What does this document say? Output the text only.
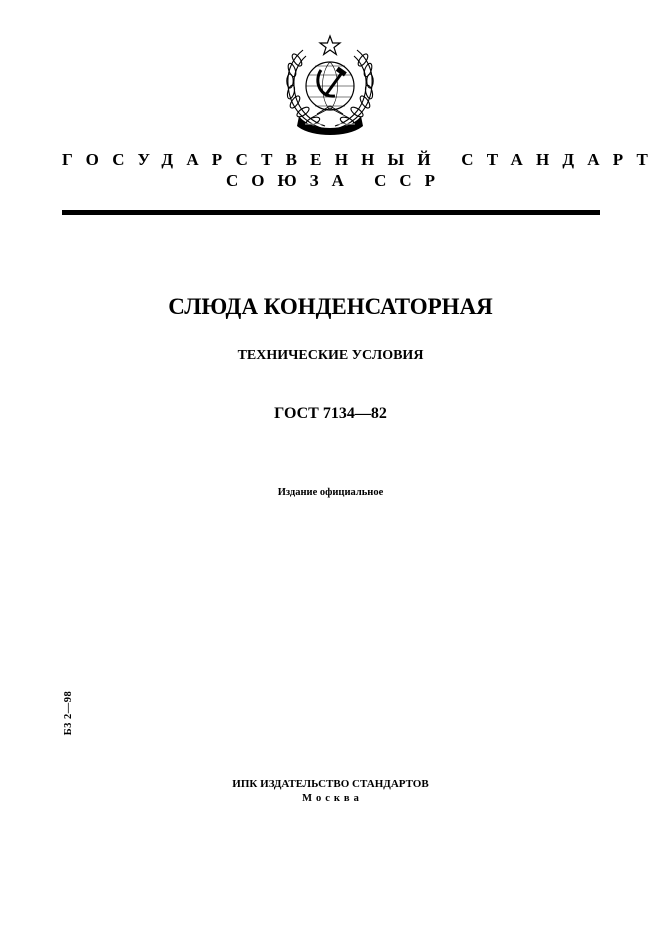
ГОСУДАРСТВЕННЫЙ СТАНДАРТ
СОЮЗА ССР
СЛЮДА КОНДЕНСАТОРНАЯ
ТЕХНИЧЕСКИЕ УСЛОВИЯ
ГОСТ 7134—82
Издание официальное
Б3 2—98
ИПК ИЗДАТЕЛЬСТВО СТАНДАРТОВ
Москва
